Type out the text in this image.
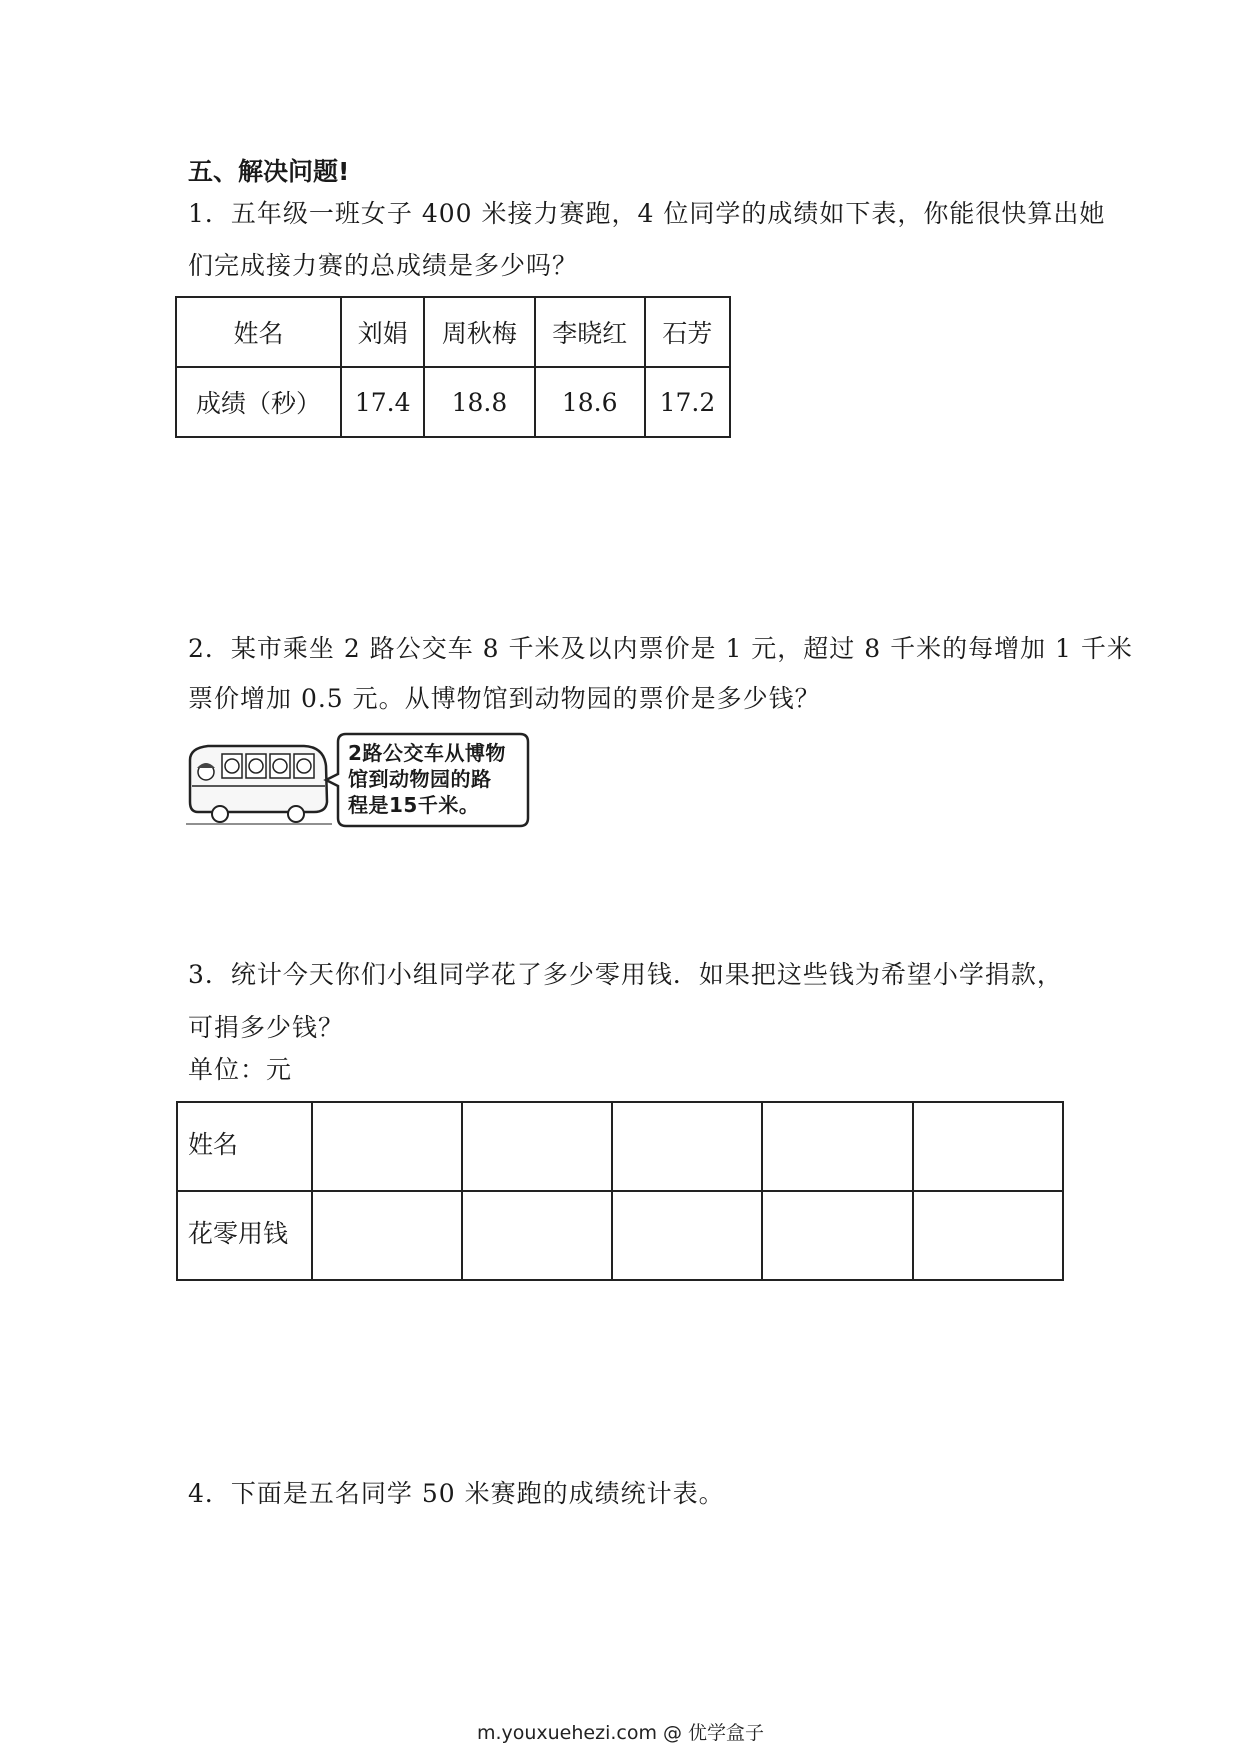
五、解决问题!
1．五年级一班女子 400 米接力赛跑，4 位同学的成绩如下表，你能很快算出她
们完成接力赛的总成绩是多少吗？
姓名	刘娟	周秋梅	李晓红	石芳
成绩（秒）	17.4	18.8	18.6	17.2
2．某市乘坐 2 路公交车 8 千米及以内票价是 1 元，超过 8 千米的每增加 1 千米
票价增加 0.5 元。从博物馆到动物园的票价是多少钱？
2路公交车从博物
馆到动物园的路
程是15千米。
3．统计今天你们小组同学花了多少零用钱．如果把这些钱为希望小学捐款，
可捐多少钱？
单位：元
姓名					
花零用钱					
4．下面是五名同学 50 米赛跑的成绩统计表。
m.youxuehezi.com @ 优学盒子
